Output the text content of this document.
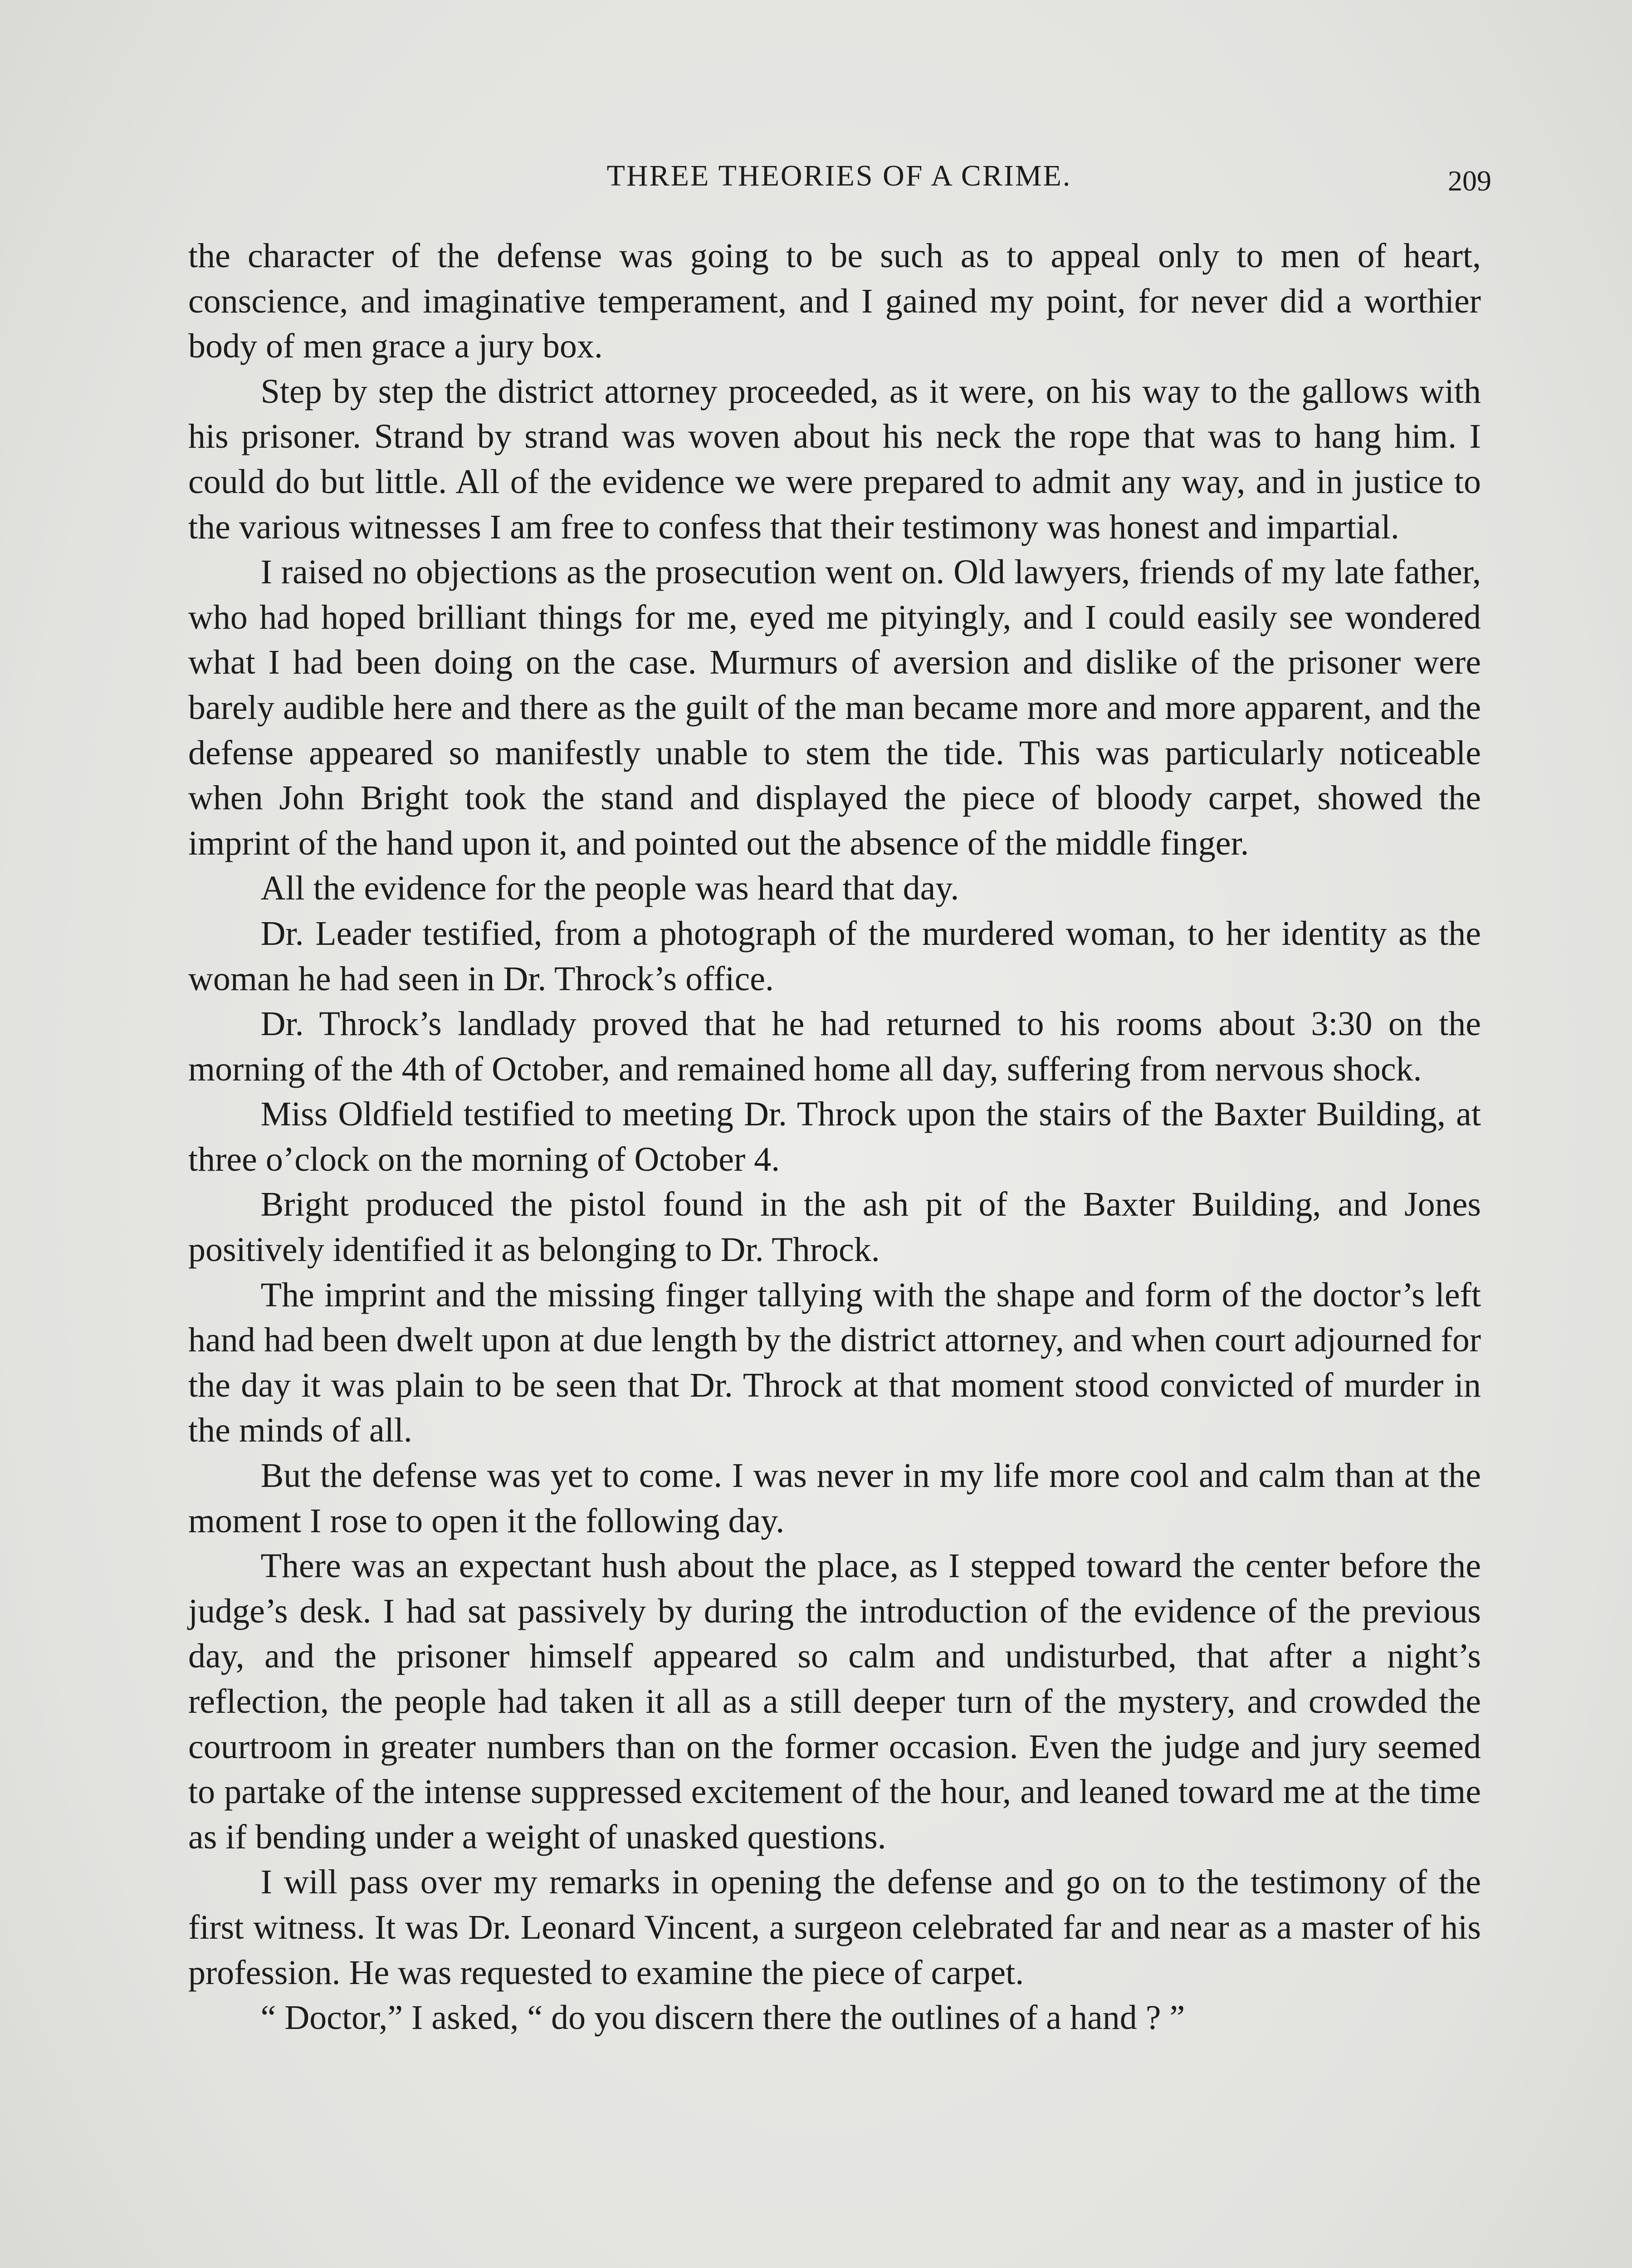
THREE THEORIES OF A CRIME.	209

the character of the defense was going to be such as to appeal only to men of heart, conscience, and imaginative temperament, and I gained my point, for never did a worthier body of men grace a jury box.

Step by step the district attorney proceeded, as it were, on his way to the gallows with his prisoner. Strand by strand was woven about his neck the rope that was to hang him. I could do but little. All of the evidence we were prepared to admit any way, and in justice to the various witnesses I am free to confess that their testimony was honest and impartial.

I raised no objections as the prosecution went on. Old lawyers, friends of my late father, who had hoped brilliant things for me, eyed me pityingly, and I could easily see wondered what I had been doing on the case. Murmurs of aversion and dislike of the prisoner were barely audible here and there as the guilt of the man became more and more apparent, and the defense appeared so manifestly unable to stem the tide. This was particularly noticeable when John Bright took the stand and displayed the piece of bloody carpet, showed the imprint of the hand upon it, and pointed out the absence of the middle finger.

All the evidence for the people was heard that day.

Dr. Leader testified, from a photograph of the murdered woman, to her identity as the woman he had seen in Dr. Throck’s office.

Dr. Throck’s landlady proved that he had returned to his rooms about 3:30 on the morning of the 4th of October, and remained home all day, suffering from nervous shock.

Miss Oldfield testified to meeting Dr. Throck upon the stairs of the Baxter Building, at three o’clock on the morning of October 4.

Bright produced the pistol found in the ash pit of the Baxter Building, and Jones positively identified it as belonging to Dr. Throck.

The imprint and the missing finger tallying with the shape and form of the doctor’s left hand had been dwelt upon at due length by the district attorney, and when court adjourned for the day it was plain to be seen that Dr. Throck at that moment stood convicted of murder in the minds of all.

But the defense was yet to come. I was never in my life more cool and calm than at the moment I rose to open it the following day.

There was an expectant hush about the place, as I stepped toward the center before the judge’s desk. I had sat passively by during the introduction of the evidence of the previous day, and the prisoner himself appeared so calm and undisturbed, that after a night’s reflection, the people had taken it all as a still deeper turn of the mystery, and crowded the courtroom in greater numbers than on the former occasion. Even the judge and jury seemed to partake of the intense suppressed excitement of the hour, and leaned toward me at the time as if bending under a weight of unasked questions.

I will pass over my remarks in opening the defense and go on to the testimony of the first witness. It was Dr. Leonard Vincent, a surgeon celebrated far and near as a master of his profession. He was requested to examine the piece of carpet.

“ Doctor,” I asked, “ do you discern there the outlines of a hand ? ”
